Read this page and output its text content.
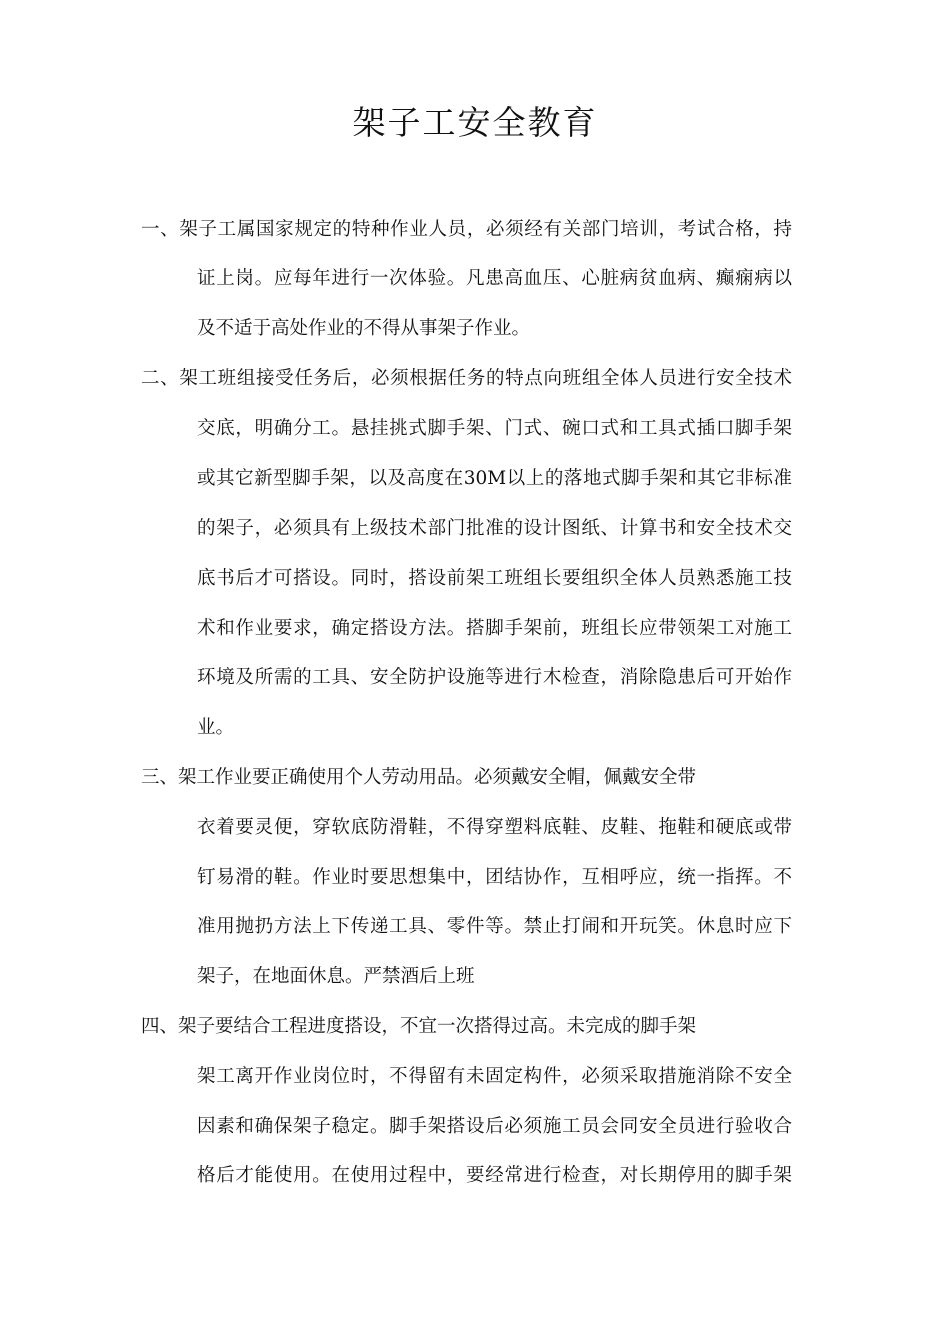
架子工安全教育

一、架子工属国家规定的特种作业人员，必须经有关部门培训，考试合格，持

证上岗。应每年进行一次体验。凡患高血压、心脏病贫血病、癫痫病以

及不适于高处作业的不得从事架子作业。

二、架工班组接受任务后，必须根据任务的特点向班组全体人员进行安全技术

交底，明确分工。悬挂挑式脚手架、门式、碗口式和工具式插口脚手架

或其它新型脚手架，以及高度在30M以上的落地式脚手架和其它非标准

的架子，必须具有上级技术部门批准的设计图纸、计算书和安全技术交

底书后才可搭设。同时，搭设前架工班组长要组织全体人员熟悉施工技

术和作业要求，确定搭设方法。搭脚手架前，班组长应带领架工对施工

环境及所需的工具、安全防护设施等进行木检查，消除隐患后可开始作

业。

三、架工作业要正确使用个人劳动用品。必须戴安全帽，佩戴安全带

衣着要灵便，穿软底防滑鞋，不得穿塑料底鞋、皮鞋、拖鞋和硬底或带

钉易滑的鞋。作业时要思想集中，团结协作，互相呼应，统一指挥。不

准用抛扔方法上下传递工具、零件等。禁止打闹和开玩笑。休息时应下

架子，在地面休息。严禁酒后上班

四、架子要结合工程进度搭设，不宜一次搭得过高。未完成的脚手架

架工离开作业岗位时，不得留有未固定构件，必须采取措施消除不安全

因素和确保架子稳定。脚手架搭设后必须施工员会同安全员进行验收合

格后才能使用。在使用过程中，要经常进行检查，对长期停用的脚手架
